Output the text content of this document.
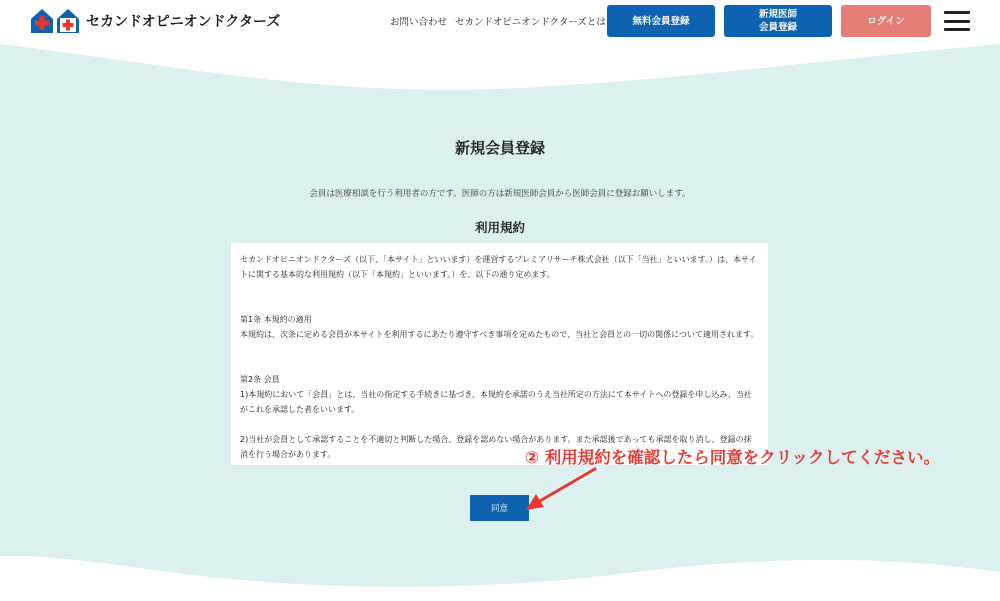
セカンドオピニオンドクターズ	お問い合わせ セカンドオピニオンドクターズとは	無料会員登録
新規医師
会員登録
ログイン
新規会員登録
会員は医療相談を行う利用者の方です。医師の方は新規医師会員から医師会員に登録お願いします。
利用規約

セカンドオピニオンドクターズ（以下、「本サイト」といいます）を運営するプレミアリサーチ株式会社（以下「当社」といいます。）は、本サイトに関する基本的な利用規約（以下「本規約」といいます。）を、以下の通り定めます。

第1条 本規約の適用

本規約は、次条に定める会員が本サイトを利用するにあたり遵守すべき事項を定めたもので、当社と会員との一切の関係について適用されます。

第2条 会員

1)本規約において「会員」とは、当社の指定する手続きに基づき、本規約を承諾のうえ当社所定の方法にて本サイトへの登録を申し込み、当社がこれを承認した者をいいます。

2)当社が会員として承認することを不適切と判断した場合、登録を認めない場合があります。また承認後であっても承認を取り消し、登録の抹消を行う場合があります。

同意
② 利用規約を確認したら同意をクリックしてください。
